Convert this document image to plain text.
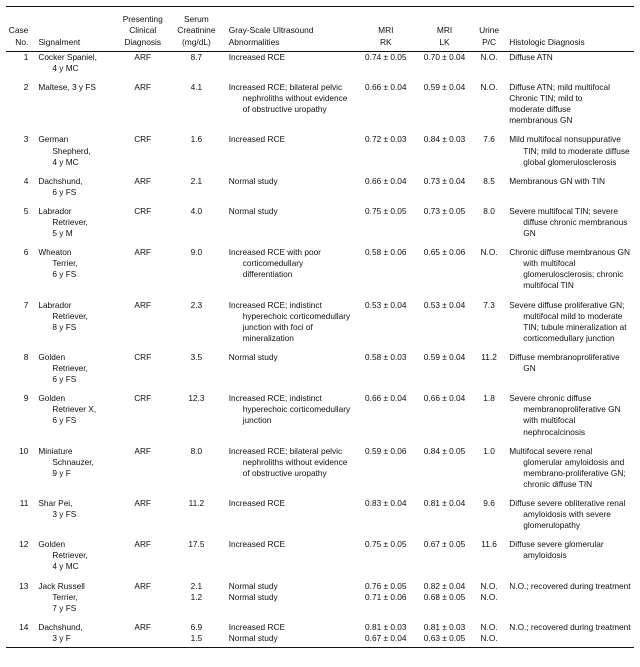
Case
No.	Signalment	Presenting
Clinical
Diagnosis	Serum
Creatinine
(mg/dL)	Gray-Scale Ultrasound
Abnormalities	MRI
RK	MRI
LK	Urine
P/C	Histologic Diagnosis

1	Cocker Spaniel,
4 y MC	ARF	8.7	Increased RCE	0.74 ± 0.05	0.70 ± 0.04	N.O.	Diffuse ATN

2	Maltese, 3 y FS	ARF	4.1	Increased RCE; bilateral pelvic nephroliths without evidence of obstructive uropathy	0.66 ± 0.04	0.59 ± 0.04	N.O.	Diffuse ATN; mild multifocal
Chronic TIN; mild to
moderate diffuse
membranous GN

3	German
Shepherd,
4 y MC	CRF	1.6	Increased RCE	0.72 ± 0.03	0.84 ± 0.03	7.6	Mild multifocal nonsuppurative TIN; mild to moderate diffuse global glomerulosclerosis

4	Dachshund,
6 y FS	ARF	2.1	Normal study	0.66 ± 0.04	0.73 ± 0.04	8.5	Membranous GN with TIN

5	Labrador
Retriever,
5 y M	CRF	4.0	Normal study	0.75 ± 0.05	0.73 ± 0.05	8.0	Severe multifocal TIN; severe diffuse chronic membranous GN

6	Wheaton
Terrier,
6 y FS	ARF	9.0	Increased RCE with poor corticomedullary differentiation	0.58 ± 0.06	0.65 ± 0.06	N.O.	Chronic diffuse membranous GN with multifocal glomerulosclerosis; chronic multifocal TIN

7	Labrador
Retriever,
8 y FS	ARF	2.3	Increased RCE; indistinct hyperechoic corticomedullary junction with foci of mineralization	0.53 ± 0.04	0.53 ± 0.04	7.3	Severe diffuse proliferative GN; multifocal mild to moderate TIN; tubule mineralization at corticomedullary junction

8	Golden
Retriever,
6 y FS	CRF	3.5	Normal study	0.58 ± 0.03	0.59 ± 0.04	11.2	Diffuse membranoproliferative GN

9	Golden
Retriever X,
6 y FS	CRF	12.3	Increased RCE; indistinct hyperechoic corticomedullary junction	0.66 ± 0.04	0.66 ± 0.04	1.8	Severe chronic diffuse membranoproliferative GN with multifocal nephrocalcinosis

10	Miniature
Schnauzer,
9 y F	ARF	8.0	Increased RCE; bilateral pelvic nephroliths without evidence of obstructive uropathy	0.59 ± 0.06	0.84 ± 0.05	1.0	Multifocal severe renal glomerular amyloidosis and membrano-proliferative GN; chronic diffuse TIN

11	Shar Pei,
3 y FS	ARF	11.2	Increased RCE	0.83 ± 0.04	0.81 ± 0.04	9.6	Diffuse severe obliterative renal amyloidosis with severe glomerulopathy

12	Golden
Retriever,
4 y MC	ARF	17.5	Increased RCE	0.75 ± 0.05	0.67 ± 0.05	11.6	Diffuse severe glomerular amyloidosis

13	Jack Russell
Terrier,
7 y FS	ARF	2.1
1.2	Normal study
Normal study	0.76 ± 0.05
0.71 ± 0.06	0.82 ± 0.04
0.68 ± 0.05	N.O.
N.O.	N.O.; recovered during treatment

14	Dachshund,
3 y F	ARF	6.9
1.5	Increased RCE
Normal study	0.81 ± 0.03
0.67 ± 0.04	0.81 ± 0.03
0.63 ± 0.05	N.O.
N.O.	N.O.; recovered during treatment
